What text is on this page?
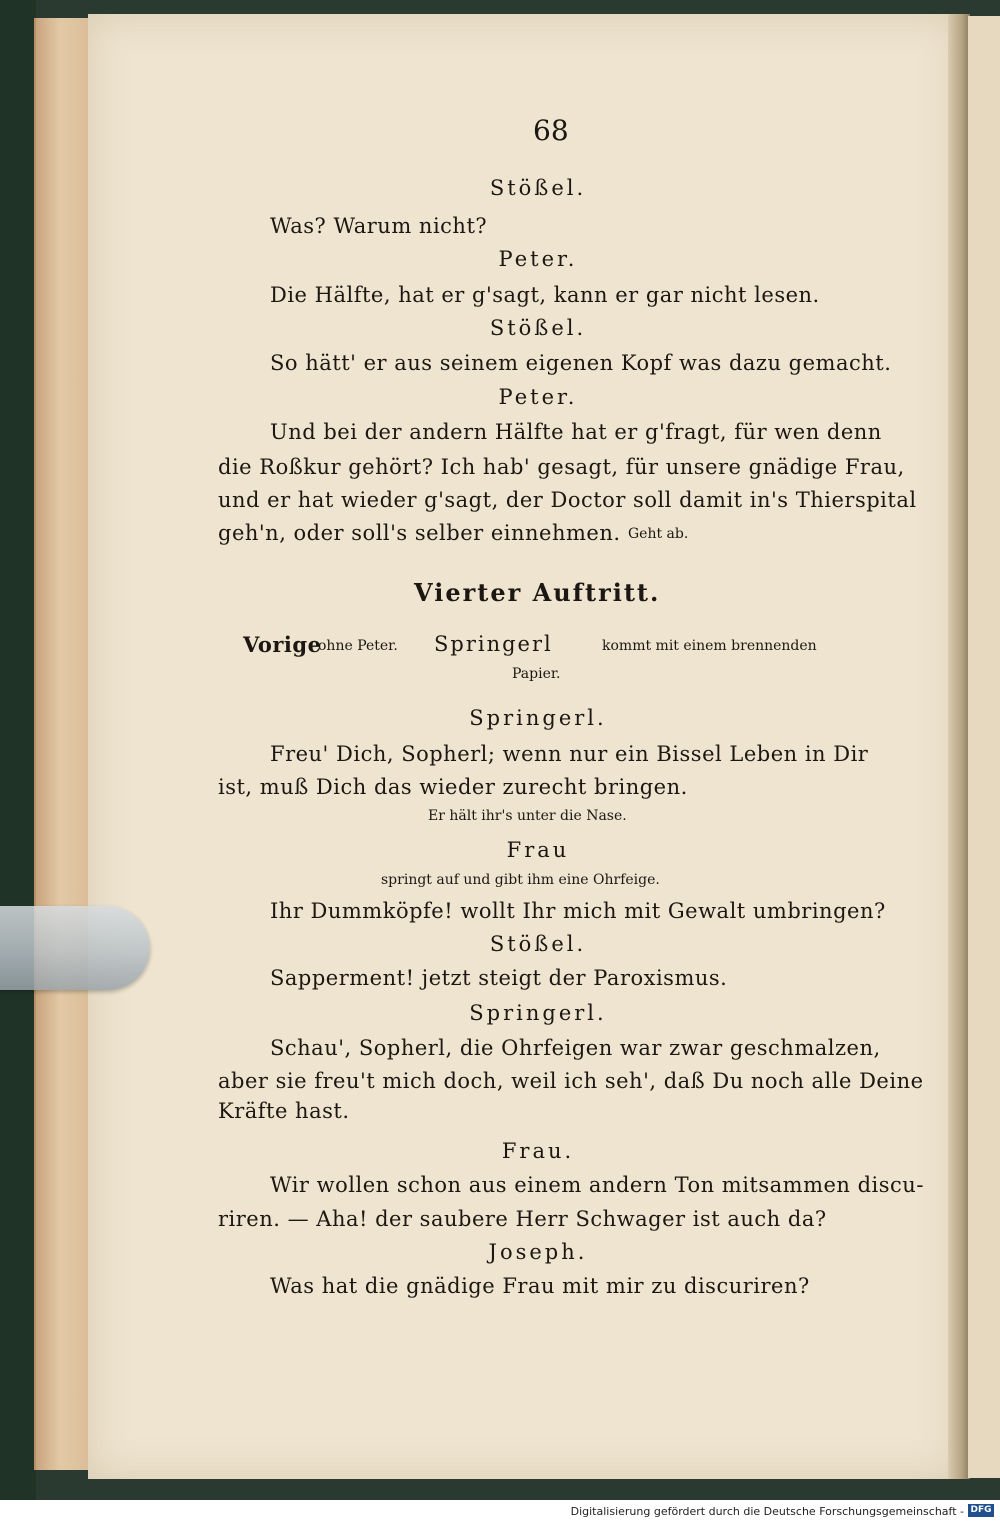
68
Stößel.
Was? Warum nicht?
Peter.
Die Hälfte, hat er g'sagt, kann er gar nicht lesen.
Stößel.
So hätt' er aus seinem eigenen Kopf was dazu gemacht.
Peter.
Und bei der andern Hälfte hat er g'fragt, für wen denn
die Roßkur gehört? Ich hab' gesagt, für unsere gnädige Frau,
und er hat wieder g'sagt, der Doctor soll damit in's Thierspital
geh'n, oder soll's selber einnehmen. Geht ab.
Vierter Auftritt.
Vorige
ohne Peter. Springerl	kommt mit einem brennenden
Papier.
Springerl.
Freu' Dich, Sopherl; wenn nur ein Bissel Leben in Dir
ist, muß Dich das wieder zurecht bringen.
Er hält ihr's unter die Nase.
Frau
springt auf und gibt ihm eine Ohrfeige.
Ihr Dummköpfe! wollt Ihr mich mit Gewalt umbringen?
Stößel.
Sapperment! jetzt steigt der Paroxismus.
Springerl.
Schau', Sopherl, die Ohrfeigen war zwar geschmalzen,
aber sie freu't mich doch, weil ich seh', daß Du noch alle Deine
Kräfte hast.
Frau.
Wir wollen schon aus einem andern Ton mitsammen discu-
riren. — Aha! der saubere Herr Schwager ist auch da?
Joseph.
Was hat die gnädige Frau mit mir zu discuriren?
Digitalisierung gefördert durch die Deutsche Forschungsgemeinschaft - DFG
